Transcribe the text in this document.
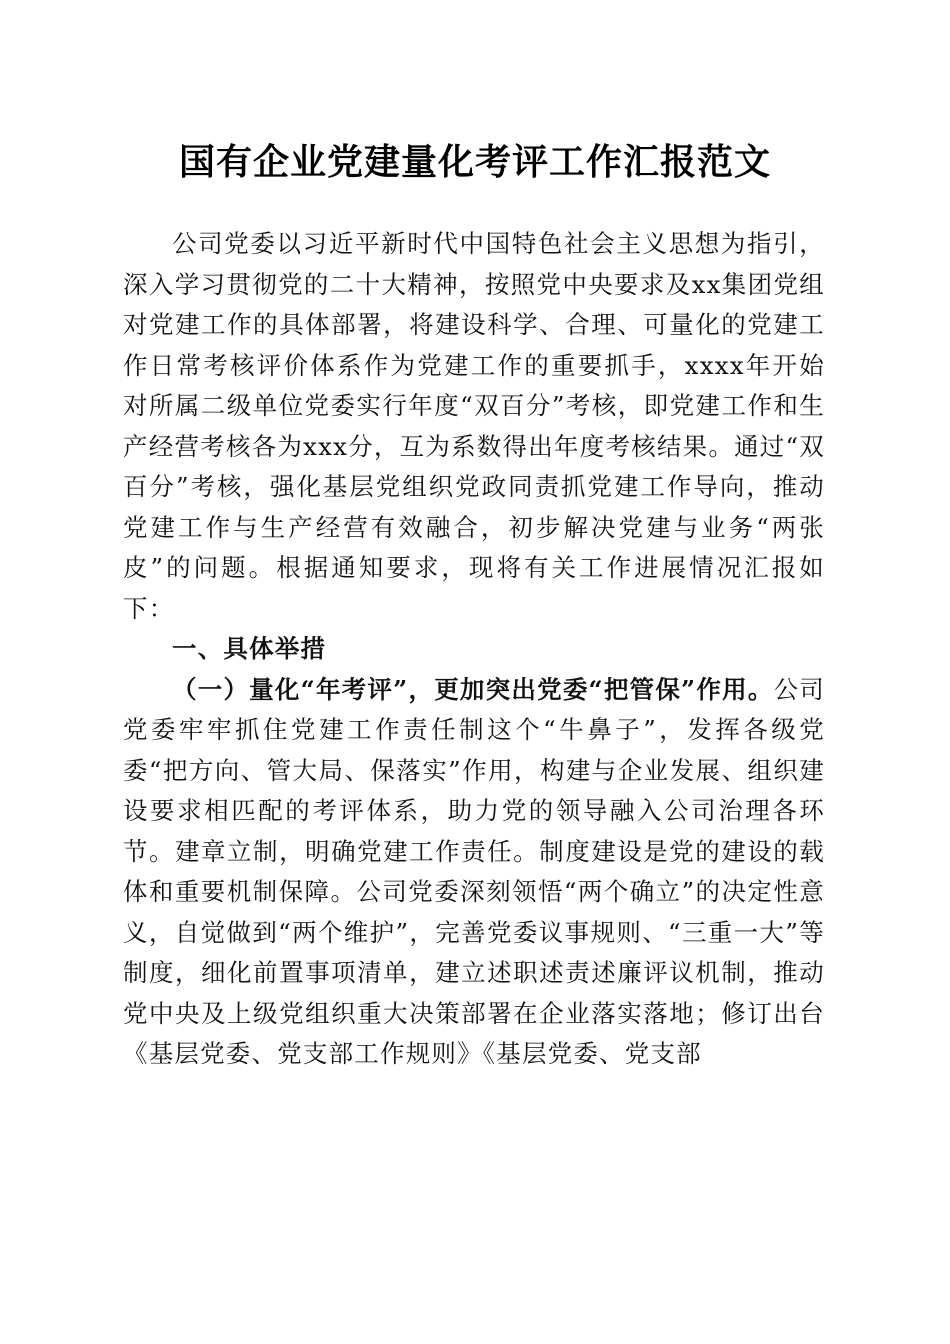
国有企业党建量化考评工作汇报范文

公司党委以习近平新时代中国特色社会主义思想为指引，深入学习贯彻党的二十大精神，按照党中央要求及xx集团党组对党建工作的具体部署，将建设科学、合理、可量化的党建工作日常考核评价体系作为党建工作的重要抓手，xxxx年开始对所属二级单位党委实行年度“双百分”考核，即党建工作和生产经营考核各为xxx分，互为系数得出年度考核结果。通过“双百分”考核，强化基层党组织党政同责抓党建工作导向，推动党建工作与生产经营有效融合，初步解决党建与业务“两张皮”的问题。根据通知要求，现将有关工作进展情况汇报如下：

一、具体举措

（一）量化“年考评”，更加突出党委“把管保”作用。公司党委牢牢抓住党建工作责任制这个“牛鼻子”，发挥各级党委“把方向、管大局、保落实”作用，构建与企业发展、组织建设要求相匹配的考评体系，助力党的领导融入公司治理各环节。建章立制，明确党建工作责任。制度建设是党的建设的载体和重要机制保障。公司党委深刻领悟“两个确立”的决定性意义，自觉做到“两个维护”，完善党委议事规则、“三重一大”等制度，细化前置事项清单，建立述职述责述廉评议机制，推动党中央及上级党组织重大决策部署在企业落实落地；修订出台《基层党委、党支部工作规则》《基层党委、党支部
